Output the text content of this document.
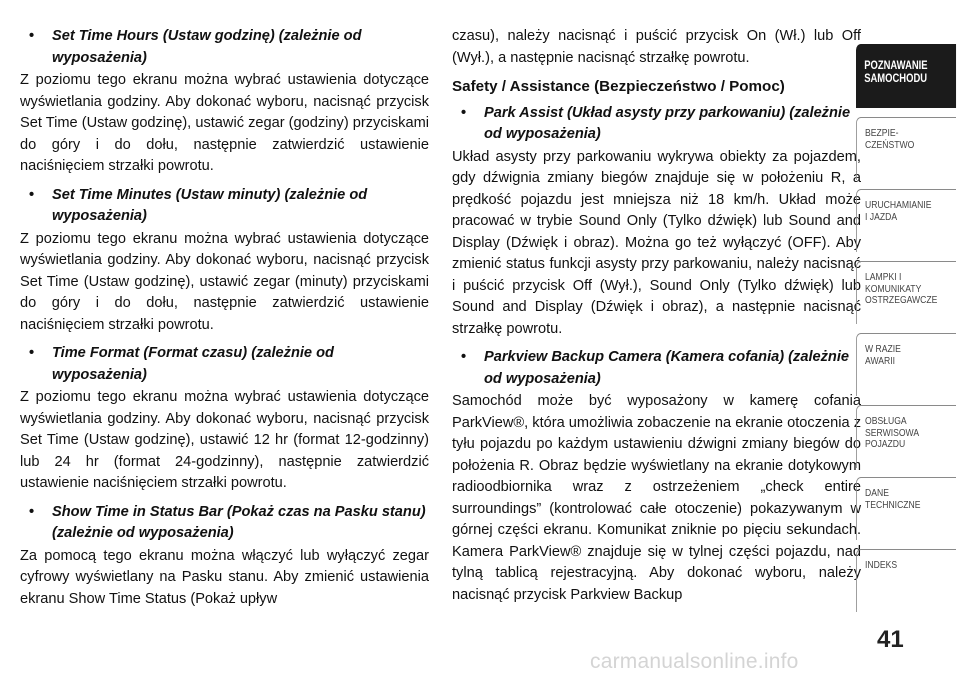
• Set Time Hours (Ustaw godzinę) (zależnie od wyposażenia)

Z poziomu tego ekranu można wybrać ustawienia dotyczące wyświetlania godziny. Aby dokonać wyboru, nacisnąć przycisk Set Time (Ustaw godzinę), ustawić zegar (godziny) przyciskami do góry i do dołu, następnie zatwierdzić ustawienie naciśnięciem strzałki powrotu.

• Set Time Minutes (Ustaw minuty) (zależnie od wyposażenia)

Z poziomu tego ekranu można wybrać ustawienia dotyczące wyświetlania godziny. Aby dokonać wyboru, nacisnąć przycisk Set Time (Ustaw godzinę), ustawić zegar (minuty) przyciskami do góry i do dołu, następnie zatwierdzić ustawienie naciśnięciem strzałki powrotu.

• Time Format (Format czasu) (zależnie od wyposażenia)

Z poziomu tego ekranu można wybrać ustawienia dotyczące wyświetlania godziny. Aby dokonać wyboru, nacisnąć przycisk Set Time (Ustaw godzinę), ustawić 12 hr (format 12-godzinny) lub 24 hr (format 24-godzinny), następnie zatwierdzić ustawienie naciśnięciem strzałki powrotu.

• Show Time in Status Bar (Pokaż czas na Pasku stanu) (zależnie od wyposażenia)

Za pomocą tego ekranu można włączyć lub wyłączyć zegar cyfrowy wyświetlany na Pasku stanu. Aby zmienić ustawienia ekranu Show Time Status (Pokaż upływ

czasu), należy nacisnąć i puścić przycisk On (Wł.) lub Off (Wył.), a następnie nacisnąć strzałkę powrotu.

Safety / Assistance (Bezpieczeństwo / Pomoc)
• Park Assist (Układ asysty przy parkowaniu) (zależnie od wyposażenia)

Układ asysty przy parkowaniu wykrywa obiekty za pojazdem, gdy dźwignia zmiany biegów znajduje się w położeniu R, a prędkość pojazdu jest mniejsza niż 18 km/h. Układ może pracować w trybie Sound Only (Tylko dźwięk) lub Sound and Display (Dźwięk i obraz). Można go też wyłączyć (OFF). Aby zmienić status funkcji asysty przy parkowaniu, należy nacisnąć i puścić przycisk Off (Wył.), Sound Only (Tylko dźwięk) lub Sound and Display (Dźwięk i obraz), a następnie nacisnąć strzałkę powrotu.

• Parkview Backup Camera (Kamera cofania) (zależnie od wyposażenia)

Samochód może być wyposażony w kamerę cofania ParkView®, która umożliwia zobaczenie na ekranie otoczenia z tyłu pojazdu po każdym ustawieniu dźwigni zmiany biegów do położenia R. Obraz będzie wyświetlany na ekranie dotykowym radioodbiornika wraz z ostrzeżeniem „check entire surroundings” (kontrolować całe otoczenie) pokazywanym w górnej części ekranu. Komunikat zniknie po pięciu sekundach. Kamera ParkView® znajduje się w tylnej części pojazdu, nad tylną tablicą rejestracyjną. Aby dokonać wyboru, należy nacisnąć przycisk Parkview Backup

POZNAWANIE
SAMOCHODU
BEZPIE-
CZEŃSTWO
URUCHAMIANIE
I JAZDA
LAMPKI I
KOMUNIKATY
OSTRZEGAWCZE
W RAZIE
AWARII
OBSŁUGA
SERWISOWA
POJAZDU
DANE
TECHNICZNE
INDEKS
41
carmanualsonline.info
